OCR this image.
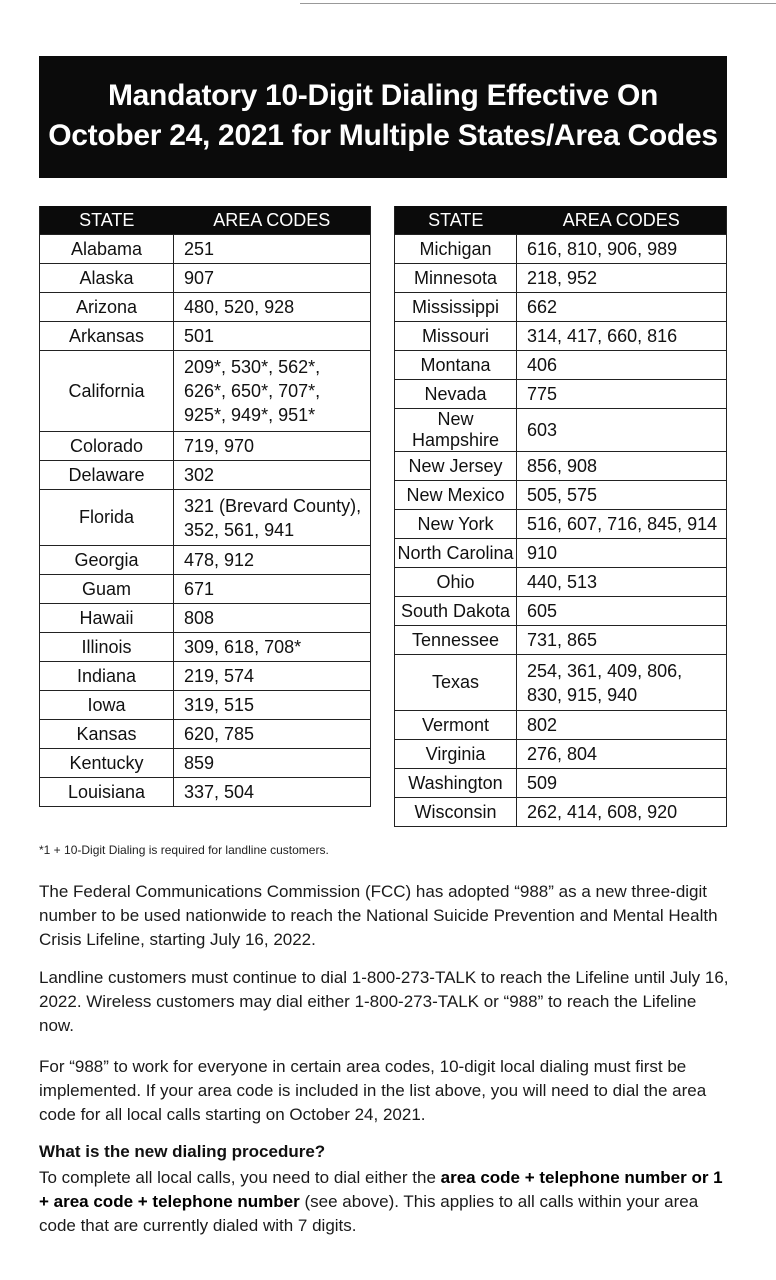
Mandatory 10-Digit Dialing Effective On
October 24, 2021 for Multiple States/Area Codes
STATE	AREA CODES
Alabama	251

Alaska	907

Arizona	480, 520, 928

Arkansas	501

California	209*, 530*, 562*,
626*, 650*, 707*,
925*, 949*, 951*

Colorado	719, 970

Delaware	302

Florida	321 (Brevard County),
352, 561, 941

Georgia	478, 912

Guam	671

Hawaii	808

Illinois	309, 618, 708*

Indiana	219, 574

Iowa	319, 515

Kansas	620, 785

Kentucky	859

Louisiana	337, 504
STATE	AREA CODES
Michigan	616, 810, 906, 989

Minnesota	218, 952

Mississippi	662

Missouri	314, 417, 660, 816

Montana	406

Nevada	775

New Hampshire	603

New Jersey	856, 908

New Mexico	505, 575

New York	516, 607, 716, 845, 914

North Carolina	910

Ohio	440, 513

South Dakota	605

Tennessee	731, 865

Texas	254, 361, 409, 806,
830, 915, 940

Vermont	802

Virginia	276, 804

Washington	509

Wisconsin	262, 414, 608, 920
*1 + 10-Digit Dialing is required for landline customers.

The Federal Communications Commission (FCC) has adopted “988” as a new three-digit number to be used nationwide to reach the National Suicide Prevention and Mental Health Crisis Lifeline, starting July 16, 2022.

Landline customers must continue to dial 1-800-273-TALK to reach the Lifeline until July 16, 2022. Wireless customers may dial either 1-800-273-TALK or “988” to reach the Lifeline now.

For “988” to work for everyone in certain area codes, 10-digit local dialing must first be implemented. If your area code is included in the list above, you will need to dial the area code for all local calls starting on October 24, 2021.

What is the new dialing procedure?

To complete all local calls, you need to dial either the area code + telephone number or 1 + area code + telephone number (see above). This applies to all calls within your area code that are currently dialed with 7 digits.
